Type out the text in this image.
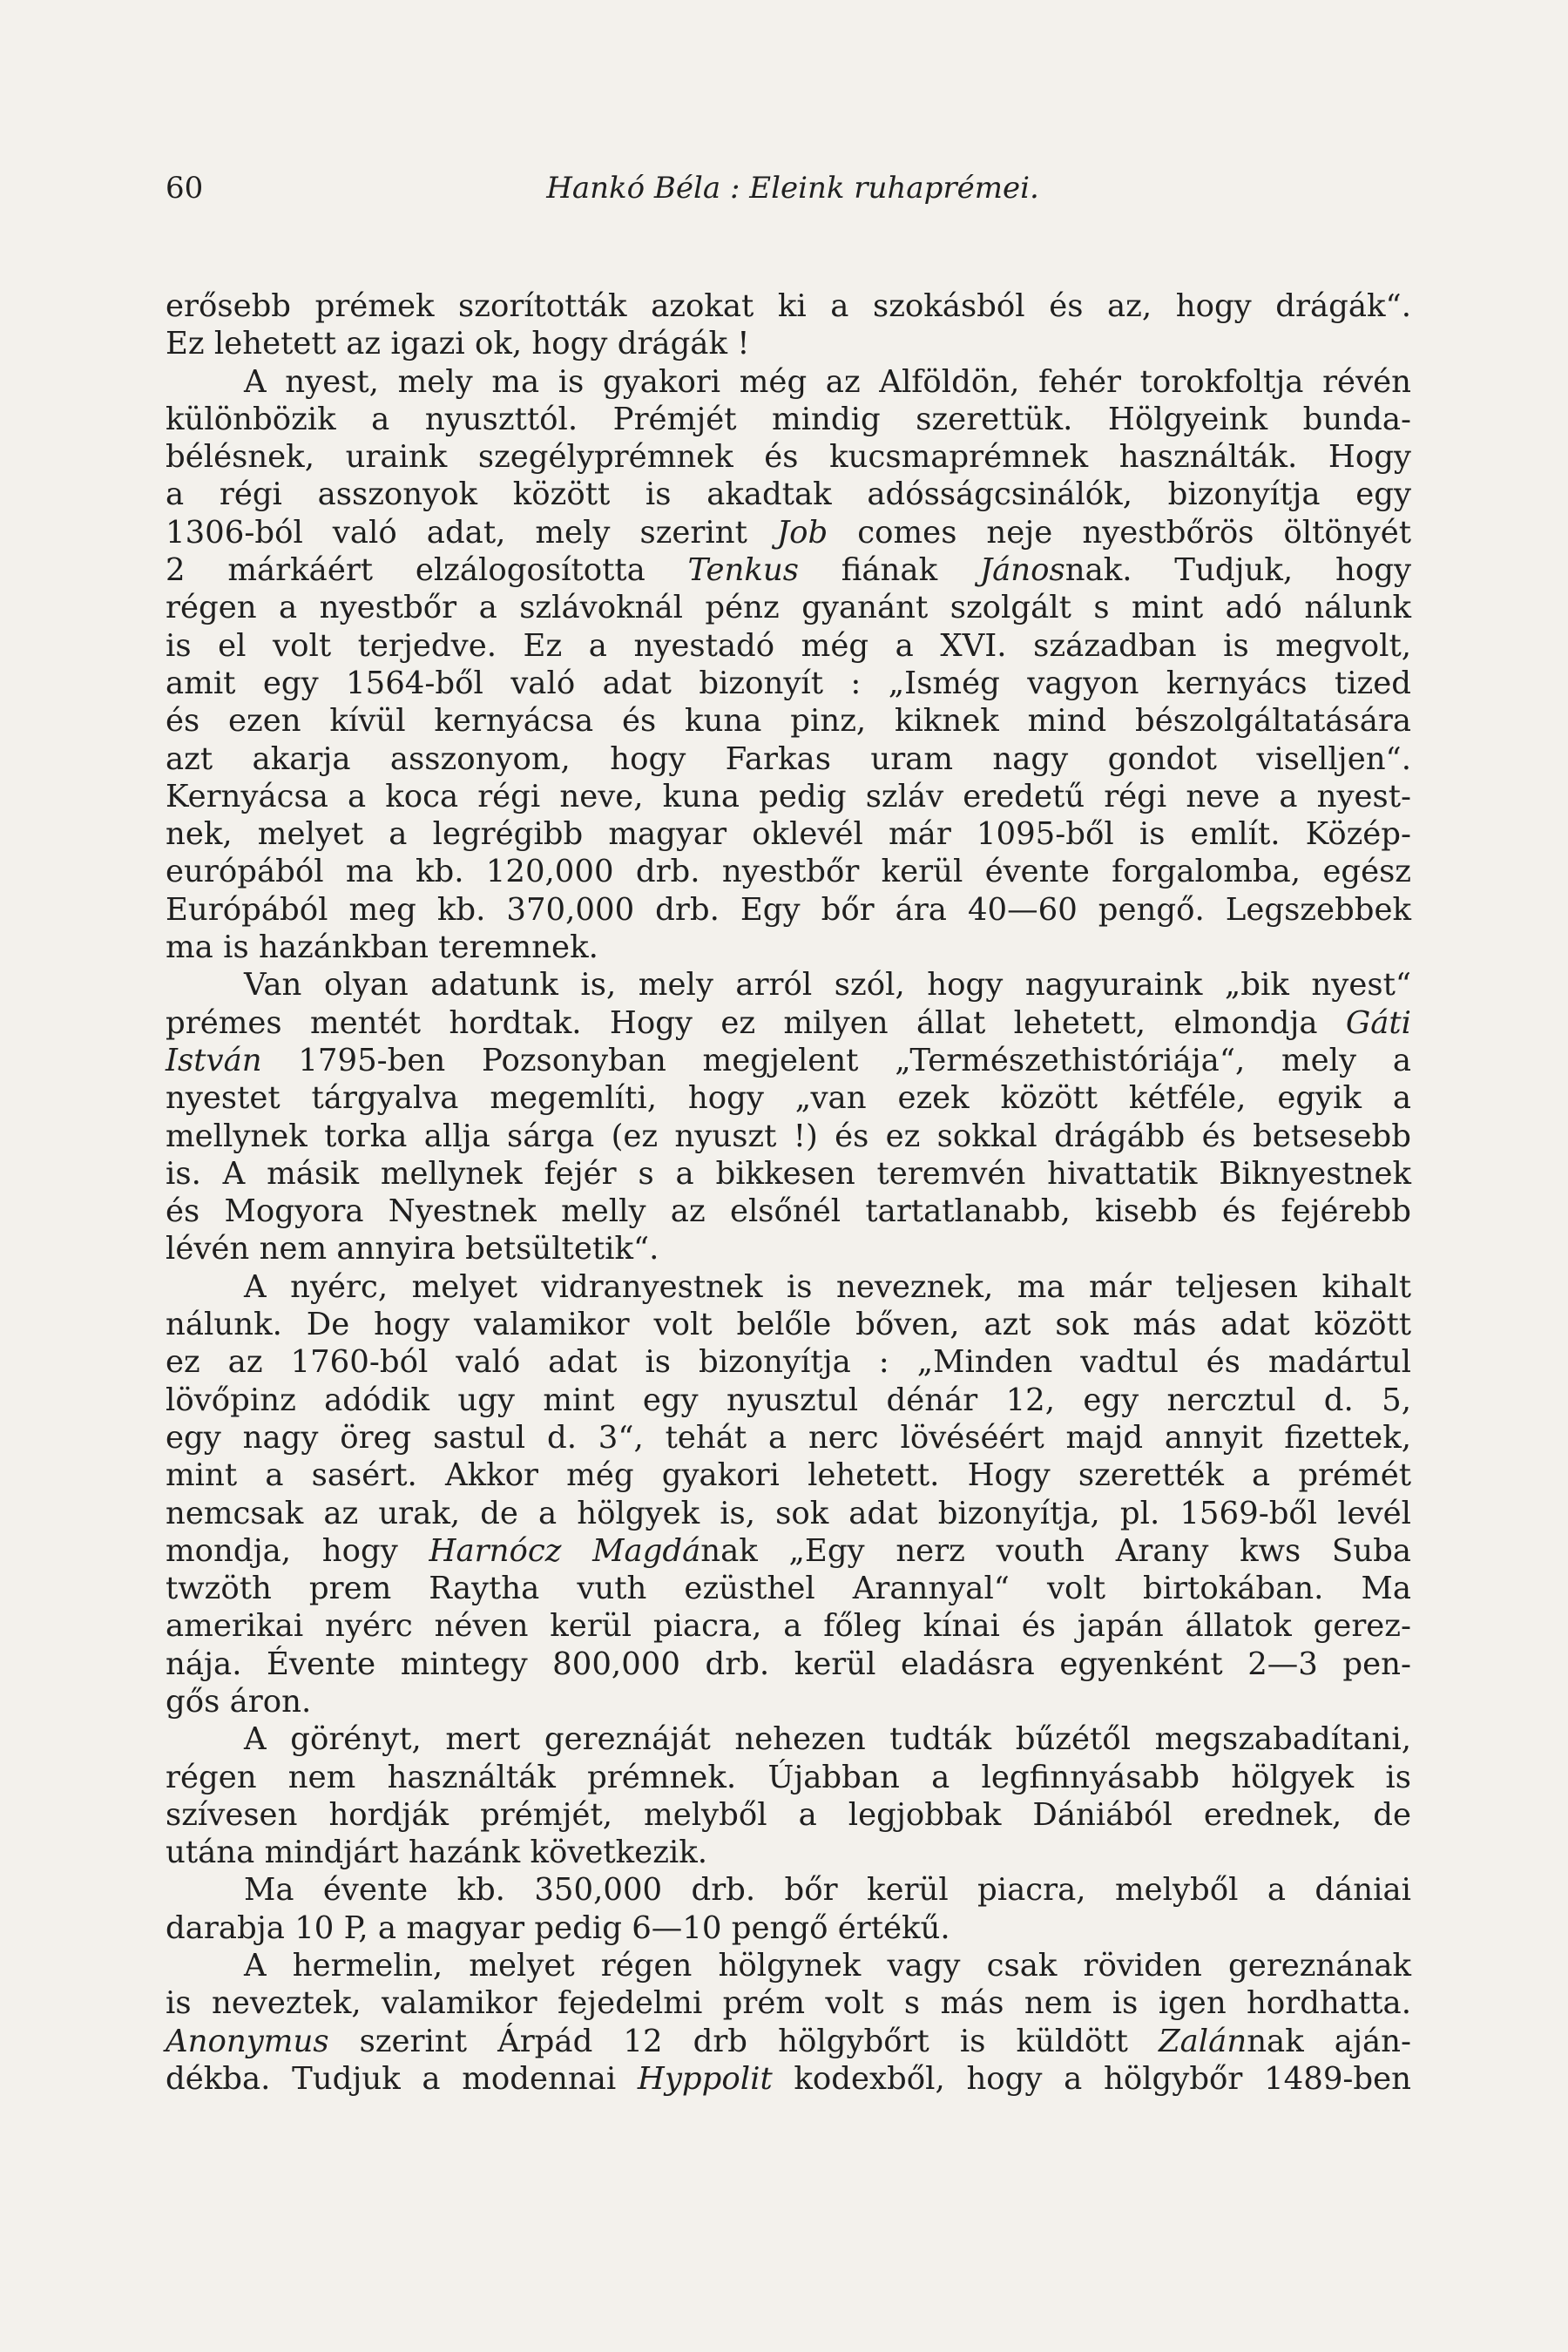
60	Hankó Béla : Eleink ruhaprémei.
erősebb prémek szorították azokat ki a szokásból és az, hogy drágák“.
Ez lehetett az igazi ok, hogy drágák !
A nyest, mely ma is gyakori még az Alföldön, fehér torokfoltja révén
különbözik a nyuszttól. Prémjét mindig szerettük. Hölgyeink bunda-
bélésnek, uraink szegélyprémnek és kucsmaprémnek használták. Hogy
a régi asszonyok között is akadtak adósságcsinálók, bizonyítja egy
1306-ból való adat, mely szerint Job comes neje nyestbőrös öltönyét
2 márkáért elzálogosította Tenkus fiának Jánosnak. Tudjuk, hogy
régen a nyestbőr a szlávoknál pénz gyanánt szolgált s mint adó nálunk
is el volt terjedve. Ez a nyestadó még a XVI. században is megvolt,
amit egy 1564-ből való adat bizonyít : „Ismég vagyon kernyács tized
és ezen kívül kernyácsa és kuna pinz, kiknek mind bészolgáltatására
azt akarja asszonyom, hogy Farkas uram nagy gondot viselljen“.
Kernyácsa a koca régi neve, kuna pedig szláv eredetű régi neve a nyest-
nek, melyet a legrégibb magyar oklevél már 1095-ből is említ. Közép-
európából ma kb. 120,000 drb. nyestbőr kerül évente forgalomba, egész
Európából meg kb. 370,000 drb. Egy bőr ára 40—60 pengő. Legszebbek
ma is hazánkban teremnek.
Van olyan adatunk is, mely arról szól, hogy nagyuraink „bik nyest“
prémes mentét hordtak. Hogy ez milyen állat lehetett, elmondja Gáti
István 1795-ben Pozsonyban megjelent „Természethistóriája“, mely a
nyestet tárgyalva megemlíti, hogy „van ezek között kétféle, egyik a
mellynek torka allja sárga (ez nyuszt !) és ez sokkal drágább és betsesebb
is. A másik mellynek fejér s a bikkesen teremvén hivattatik Biknyestnek
és Mogyora Nyestnek melly az elsőnél tartatlanabb, kisebb és fejérebb
lévén nem annyira betsültetik“.
A nyérc, melyet vidranyestnek is neveznek, ma már teljesen kihalt
nálunk. De hogy valamikor volt belőle bőven, azt sok más adat között
ez az 1760-ból való adat is bizonyítja : „Minden vadtul és madártul
lövőpinz adódik ugy mint egy nyusztul dénár 12, egy nercztul d. 5,
egy nagy öreg sastul d. 3“, tehát a nerc lövéséért majd annyit fizettek,
mint a sasért. Akkor még gyakori lehetett. Hogy szerették a prémét
nemcsak az urak, de a hölgyek is, sok adat bizonyítja, pl. 1569-ből levél
mondja, hogy Harnócz Magdának „Egy nerz vouth Arany kws Suba
twzöth prem Raytha vuth ezüsthel Arannyal“ volt birtokában. Ma
amerikai nyérc néven kerül piacra, a főleg kínai és japán állatok gerez-
nája. Évente mintegy 800,000 drb. kerül eladásra egyenként 2—3 pen-
gős áron.
A görényt, mert gereznáját nehezen tudták bűzétől megszabadítani,
régen nem használták prémnek. Újabban a legfinnyásabb hölgyek is
szívesen hordják prémjét, melyből a legjobbak Dániából erednek, de
utána mindjárt hazánk következik.
Ma évente kb. 350,000 drb. bőr kerül piacra, melyből a dániai
darabja 10 P, a magyar pedig 6—10 pengő értékű.
A hermelin, melyet régen hölgynek vagy csak röviden gereznának
is neveztek, valamikor fejedelmi prém volt s más nem is igen hordhatta.
Anonymus szerint Árpád 12 drb hölgybőrt is küldött Zalánnak aján-
dékba. Tudjuk a modennai Hyppolit kodexből, hogy a hölgybőr 1489-ben
